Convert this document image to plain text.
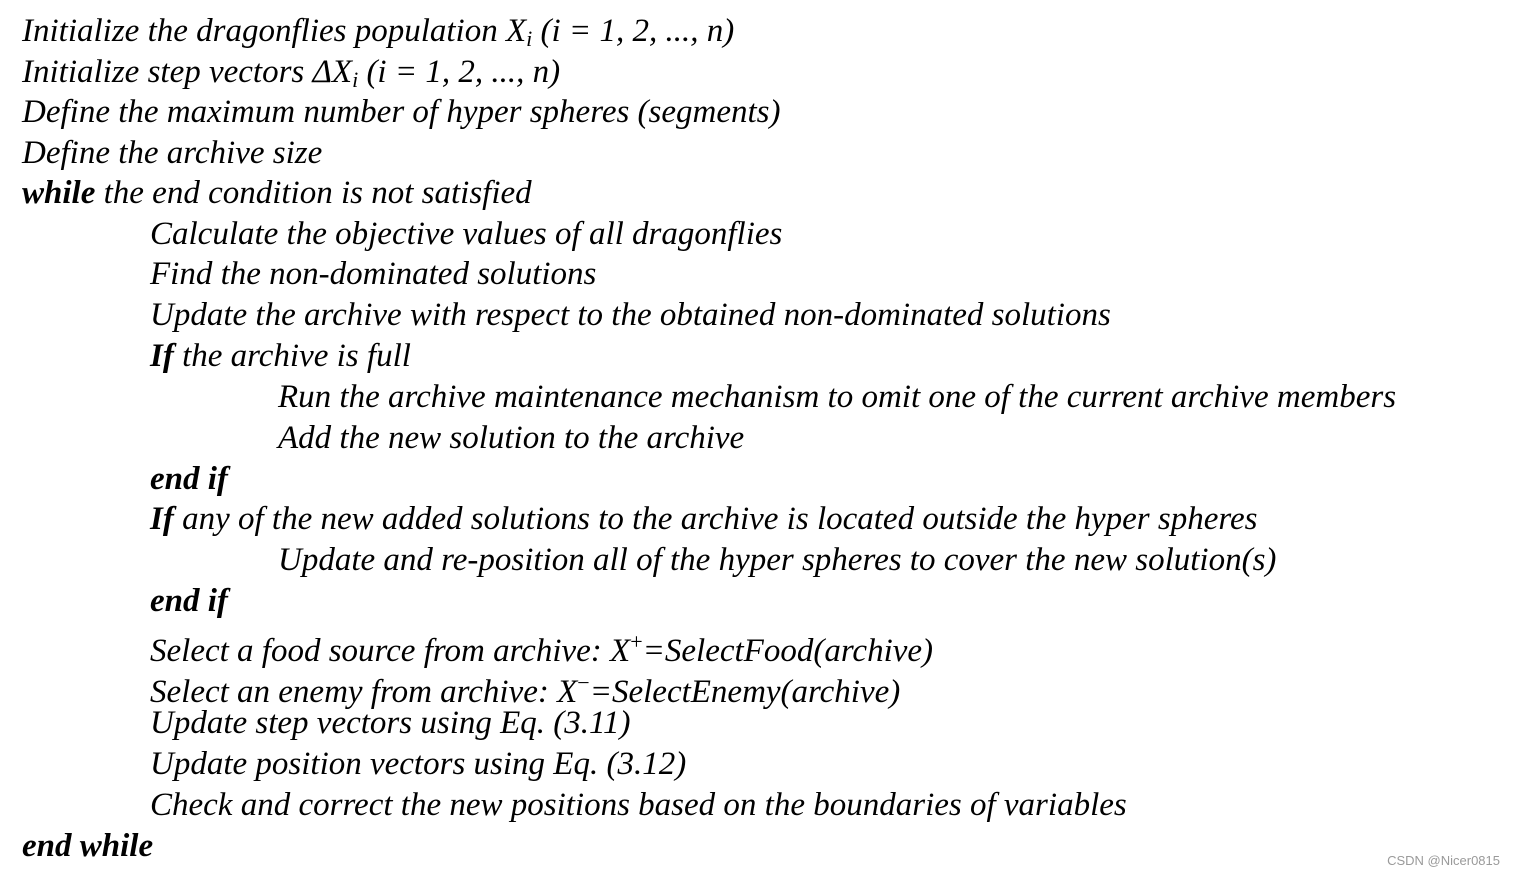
Initialize the dragonflies population $X_i$ (i = 1, 2, ..., n)
Initialize step vectors $\Delta X_i$ (i = 1, 2, ..., n)
Define the maximum number of hyper spheres (segments)
Define the archive size
while the end condition is not satisfied
Calculate the objective values of all dragonflies
Find the non-dominated solutions
Update the archive with respect to the obtained non-dominated solutions
If the archive is full
Run the archive maintenance mechanism to omit one of the current archive members
Add the new solution to the archive
end if
If any of the new added solutions to the archive is located outside the hyper spheres
Update and re-position all of the hyper spheres to cover the new solution(s)
end if
Select a food source from archive: X+=SelectFood(archive)
Select an enemy from archive: X−=SelectEnemy(archive)
Update step vectors using Eq. (3.11)
Update position vectors using Eq. (3.12)
Check and correct the new positions based on the boundaries of variables
end while	CSDN @Nicer0815
